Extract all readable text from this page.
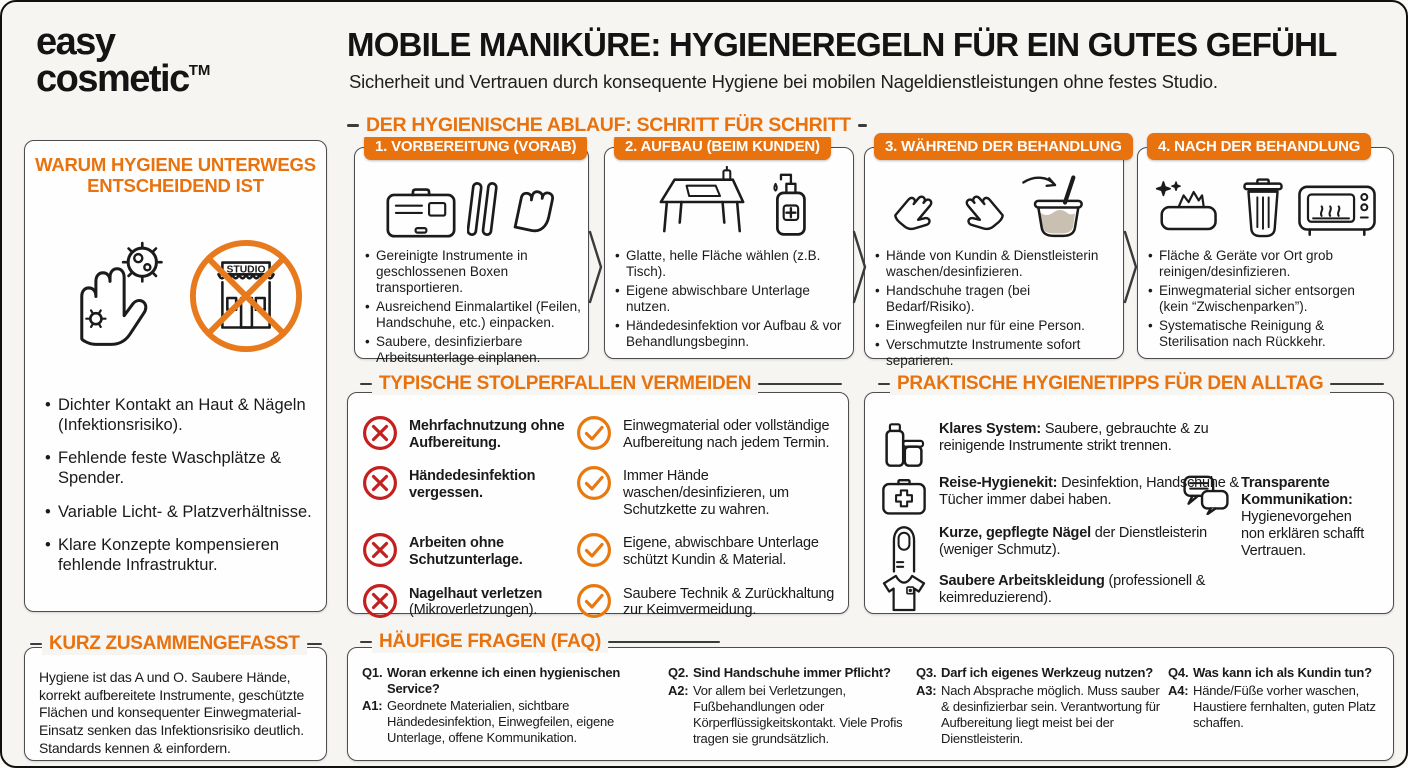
easy
cosmetic™
MOBILE MANIKÜRE: HYGIENEREGELN FÜR EIN GUTES GEFÜHL
Sicherheit und Vertrauen durch konsequente Hygiene bei mobilen Nageldienstleistungen ohne festes Studio.
WARUM HYGIENE UNTERWEGS ENTSCHEIDEND IST
STUDIO
• Dichter Kontakt an Haut & Nägeln (Infektionsrisiko).
• Fehlende feste Waschplätze & Spender.
• Variable Licht- & Platzverhältnisse.
• Klare Konzepte kompensieren fehlende Infrastruktur.
DER HYGIENISCHE ABLAUF: SCHRITT FÜR SCHRITT
1. VORBEREITUNG (VORAB)
• Gereinigte Instrumente in geschlossenen Boxen transportieren.
• Ausreichend Einmalartikel (Feilen, Handschuhe, etc.) einpacken.
• Saubere, desinfizierbare Arbeitsunterlage einplanen.
2. AUFBAU (BEIM KUNDEN)
• Glatte, helle Fläche wählen (z.B. Tisch).
• Eigene abwischbare Unterlage nutzen.
• Händedesinfektion vor Aufbau & vor Behandlungsbeginn.
3. WÄHREND DER BEHANDLUNG
• Hände von Kundin & Dienstleisterin waschen/desinfizieren.
• Handschuhe tragen (bei Bedarf/Risiko).
• Einwegfeilen nur für eine Person.
• Verschmutzte Instrumente sofort separieren.
4. NACH DER BEHANDLUNG
• Fläche & Geräte vor Ort grob reinigen/desinfizieren.
• Einwegmaterial sicher entsorgen (kein “Zwischenparken”).
• Systematische Reinigung & Sterilisation nach Rückkehr.
Mehrfachnutzung ohne Aufbereitung.
Einwegmaterial oder vollständige Aufbereitung nach jedem Termin.
Händedesinfektion vergessen.
Immer Hände waschen/desinfizieren, um Schutzkette zu wahren.
Arbeiten ohne Schutzunterlage.
Eigene, abwischbare Unterlage schützt Kundin & Material.
Nagelhaut verletzen (Mikroverletzungen).
Saubere Technik & Zurückhaltung zur Keimvermeidung.
TYPISCHE STOLPERFALLEN VERMEIDEN
Klares System: Saubere, gebrauchte & zu reinigende Instrumente strikt trennen.
Reise-Hygienekit: Desinfektion, Handschuhe & Tücher immer dabei haben.
Kurze, gepflegte Nägel der Dienstleisterin (weniger Schmutz).
Saubere Arbeitskleidung (professionell & keimreduzierend).
Transparente Kommunikation: Hygienevorgehen non erklären schafft Vertrauen.
PRAKTISCHE HYGIENETIPPS FÜR DEN ALLTAG
Hygiene ist das A und O. Saubere Hände, korrekt aufbereitete Instrumente, geschützte Flächen und konsequenter Einwegmaterial-Einsatz senken das Infektionsrisiko deutlich. Standards kennen & einfordern.
KURZ ZUSAMMENGEFASST

Q1. Woran erkenne ich einen hygienischen Service?

A1: Geordnete Materialien, sichtbare Händedesinfektion, Einwegfeilen, eigene Unterlage, offene Kommunikation.

Q2. Sind Handschuhe immer Pflicht?

A2: Vor allem bei Verletzungen, Fußbehandlungen oder Körperflüssigkeitskontakt. Viele Profis tragen sie grundsätzlich.

Q3. Darf ich eigenes Werkzeug nutzen?

A3: Nach Absprache möglich. Muss sauber & desinfizierbar sein. Verantwortung für Aufbereitung liegt meist bei der Dienstleisterin.

Q4. Was kann ich als Kundin tun?

A4: Hände/Füße vorher waschen, Haustiere fernhalten, guten Platz schaffen.

HÄUFIGE FRAGEN (FAQ)
